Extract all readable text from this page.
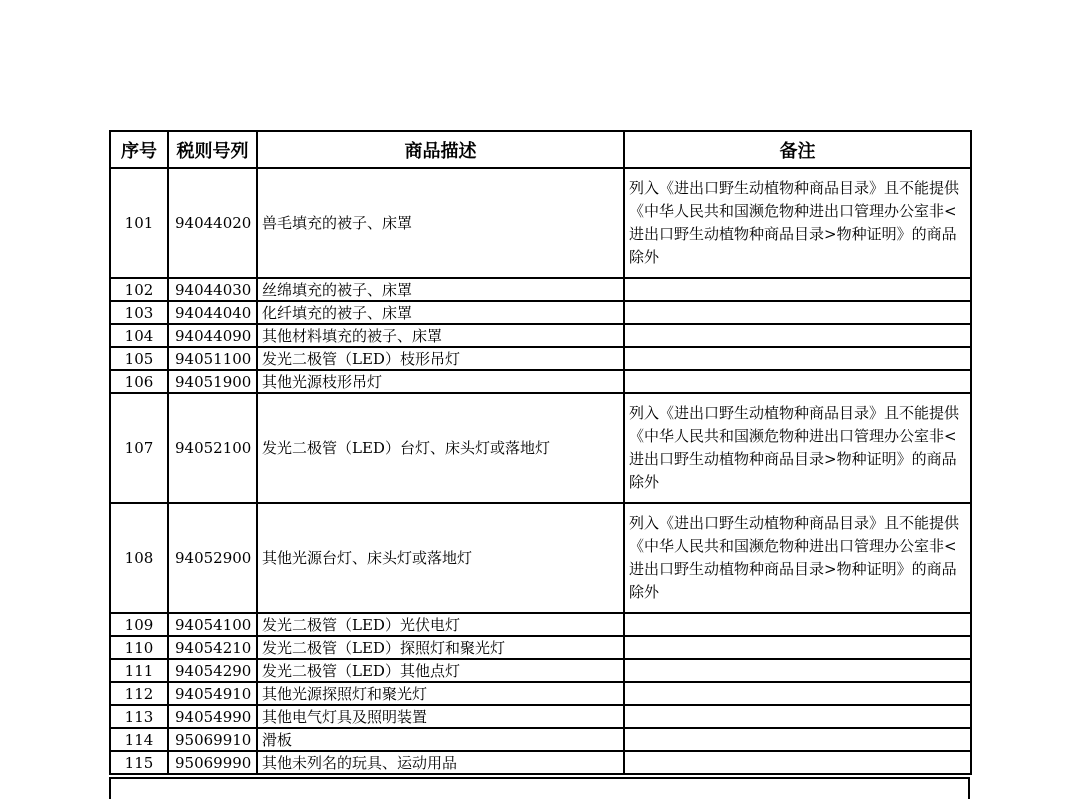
序号	税则号列	商品描述	备注
101	94044020	兽毛填充的被子、床罩	列入《进出口野生动植物种商品目录》且不能提供《中华人民共和国濒危物种进出口管理办公室非<进出口野生动植物种商品目录>物种证明》的商品除外
102	94044030	丝绵填充的被子、床罩	
103	94044040	化纤填充的被子、床罩	
104	94044090	其他材料填充的被子、床罩	
105	94051100	发光二极管（LED）枝形吊灯	
106	94051900	其他光源枝形吊灯	
107	94052100	发光二极管（LED）台灯、床头灯或落地灯	列入《进出口野生动植物种商品目录》且不能提供《中华人民共和国濒危物种进出口管理办公室非<进出口野生动植物种商品目录>物种证明》的商品除外
108	94052900	其他光源台灯、床头灯或落地灯	列入《进出口野生动植物种商品目录》且不能提供《中华人民共和国濒危物种进出口管理办公室非<进出口野生动植物种商品目录>物种证明》的商品除外
109	94054100	发光二极管（LED）光伏电灯	
110	94054210	发光二极管（LED）探照灯和聚光灯	
111	94054290	发光二极管（LED）其他点灯	
112	94054910	其他光源探照灯和聚光灯	
113	94054990	其他电气灯具及照明装置	
114	95069910	滑板	
115	95069990	其他未列名的玩具、运动用品	
